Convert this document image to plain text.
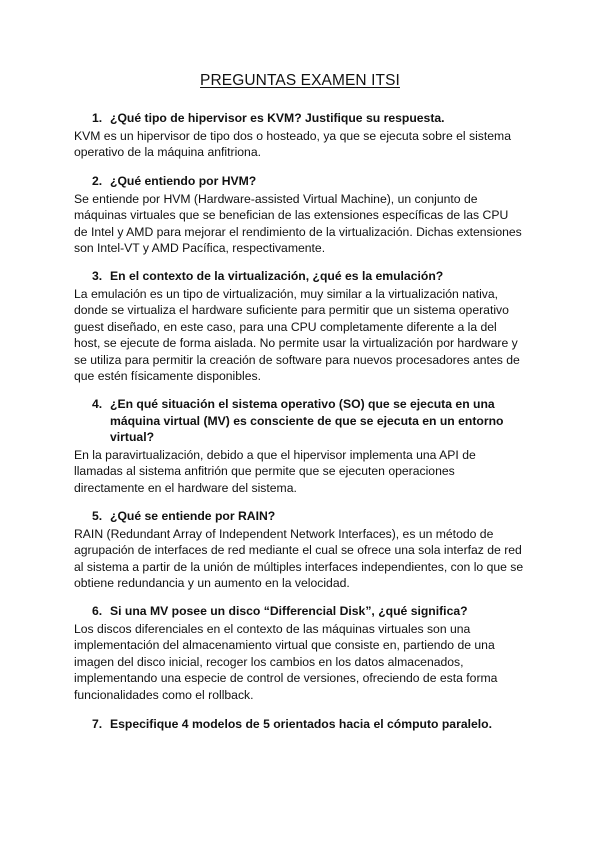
PREGUNTAS EXAMEN ITSI
1. ¿Qué tipo de hipervisor es KVM? Justifique su respuesta.

KVM es un hipervisor de tipo dos o hosteado, ya que se ejecuta sobre el sistema operativo de la máquina anfitriona.

2. ¿Qué entiendo por HVM?

Se entiende por HVM (Hardware-assisted Virtual Machine), un conjunto de máquinas virtuales que se benefician de las extensiones específicas de las CPU de Intel y AMD para mejorar el rendimiento de la virtualización. Dichas extensiones son Intel-VT y AMD Pacífica, respectivamente.

3. En el contexto de la virtualización, ¿qué es la emulación?

La emulación es un tipo de virtualización, muy similar a la virtualización nativa, donde se virtualiza el hardware suficiente para permitir que un sistema operativo guest diseñado, en este caso, para una CPU completamente diferente a la del host, se ejecute de forma aislada. No permite usar la virtualización por hardware y se utiliza para permitir la creación de software para nuevos procesadores antes de que estén físicamente disponibles.

4. ¿En qué situación el sistema operativo (SO) que se ejecuta en una máquina virtual (MV) es consciente de que se ejecuta en un entorno virtual?

En la paravirtualización, debido a que el hipervisor implementa una API de llamadas al sistema anfitrión que permite que se ejecuten operaciones directamente en el hardware del sistema.

5. ¿Qué se entiende por RAIN?

RAIN (Redundant Array of Independent Network Interfaces), es un método de agrupación de interfaces de red mediante el cual se ofrece una sola interfaz de red al sistema a partir de la unión de múltiples interfaces independientes, con lo que se obtiene redundancia y un aumento en la velocidad.

6. Si una MV posee un disco “Differencial Disk”, ¿qué significa?

Los discos diferenciales en el contexto de las máquinas virtuales son una implementación del almacenamiento virtual que consiste en, partiendo de una imagen del disco inicial, recoger los cambios en los datos almacenados, implementando una especie de control de versiones, ofreciendo de esta forma funcionalidades como el rollback.

7. Especifique 4 modelos de 5 orientados hacia el cómputo paralelo.
